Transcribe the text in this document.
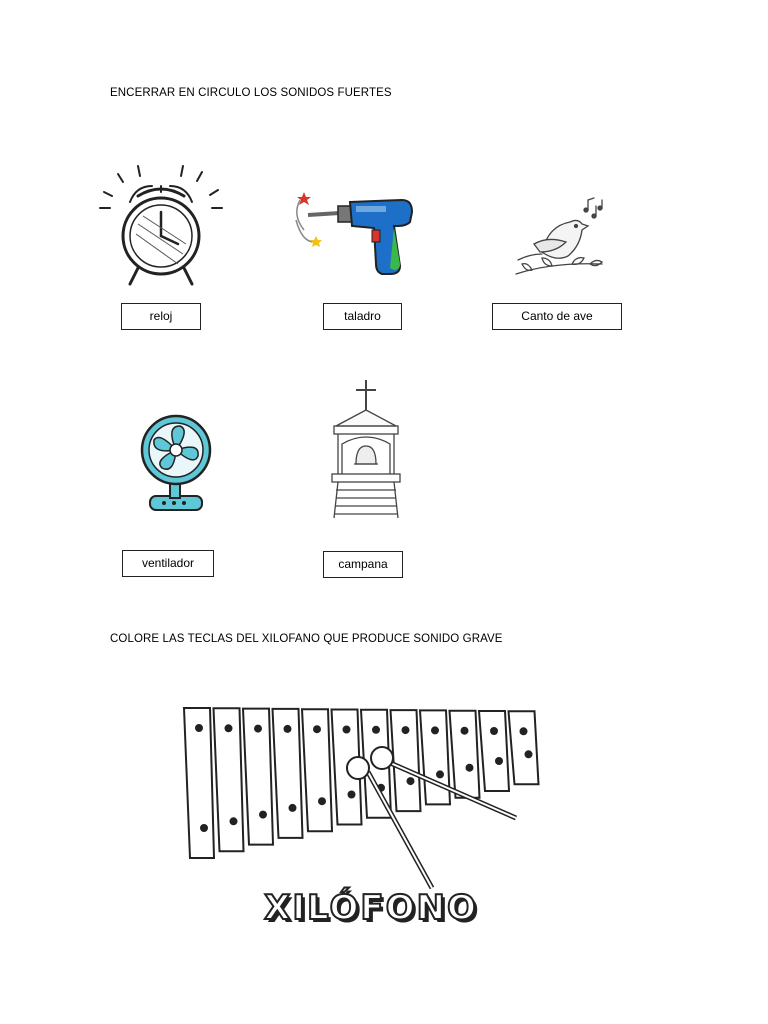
ENCERRAR EN CIRCULO LOS SONIDOS FUERTES
reloj	taladro	Canto de ave
ventilador	campana
COLORE LAS TECLAS DEL XILOFANO QUE PRODUCE SONIDO GRAVE
XILÓFONO
